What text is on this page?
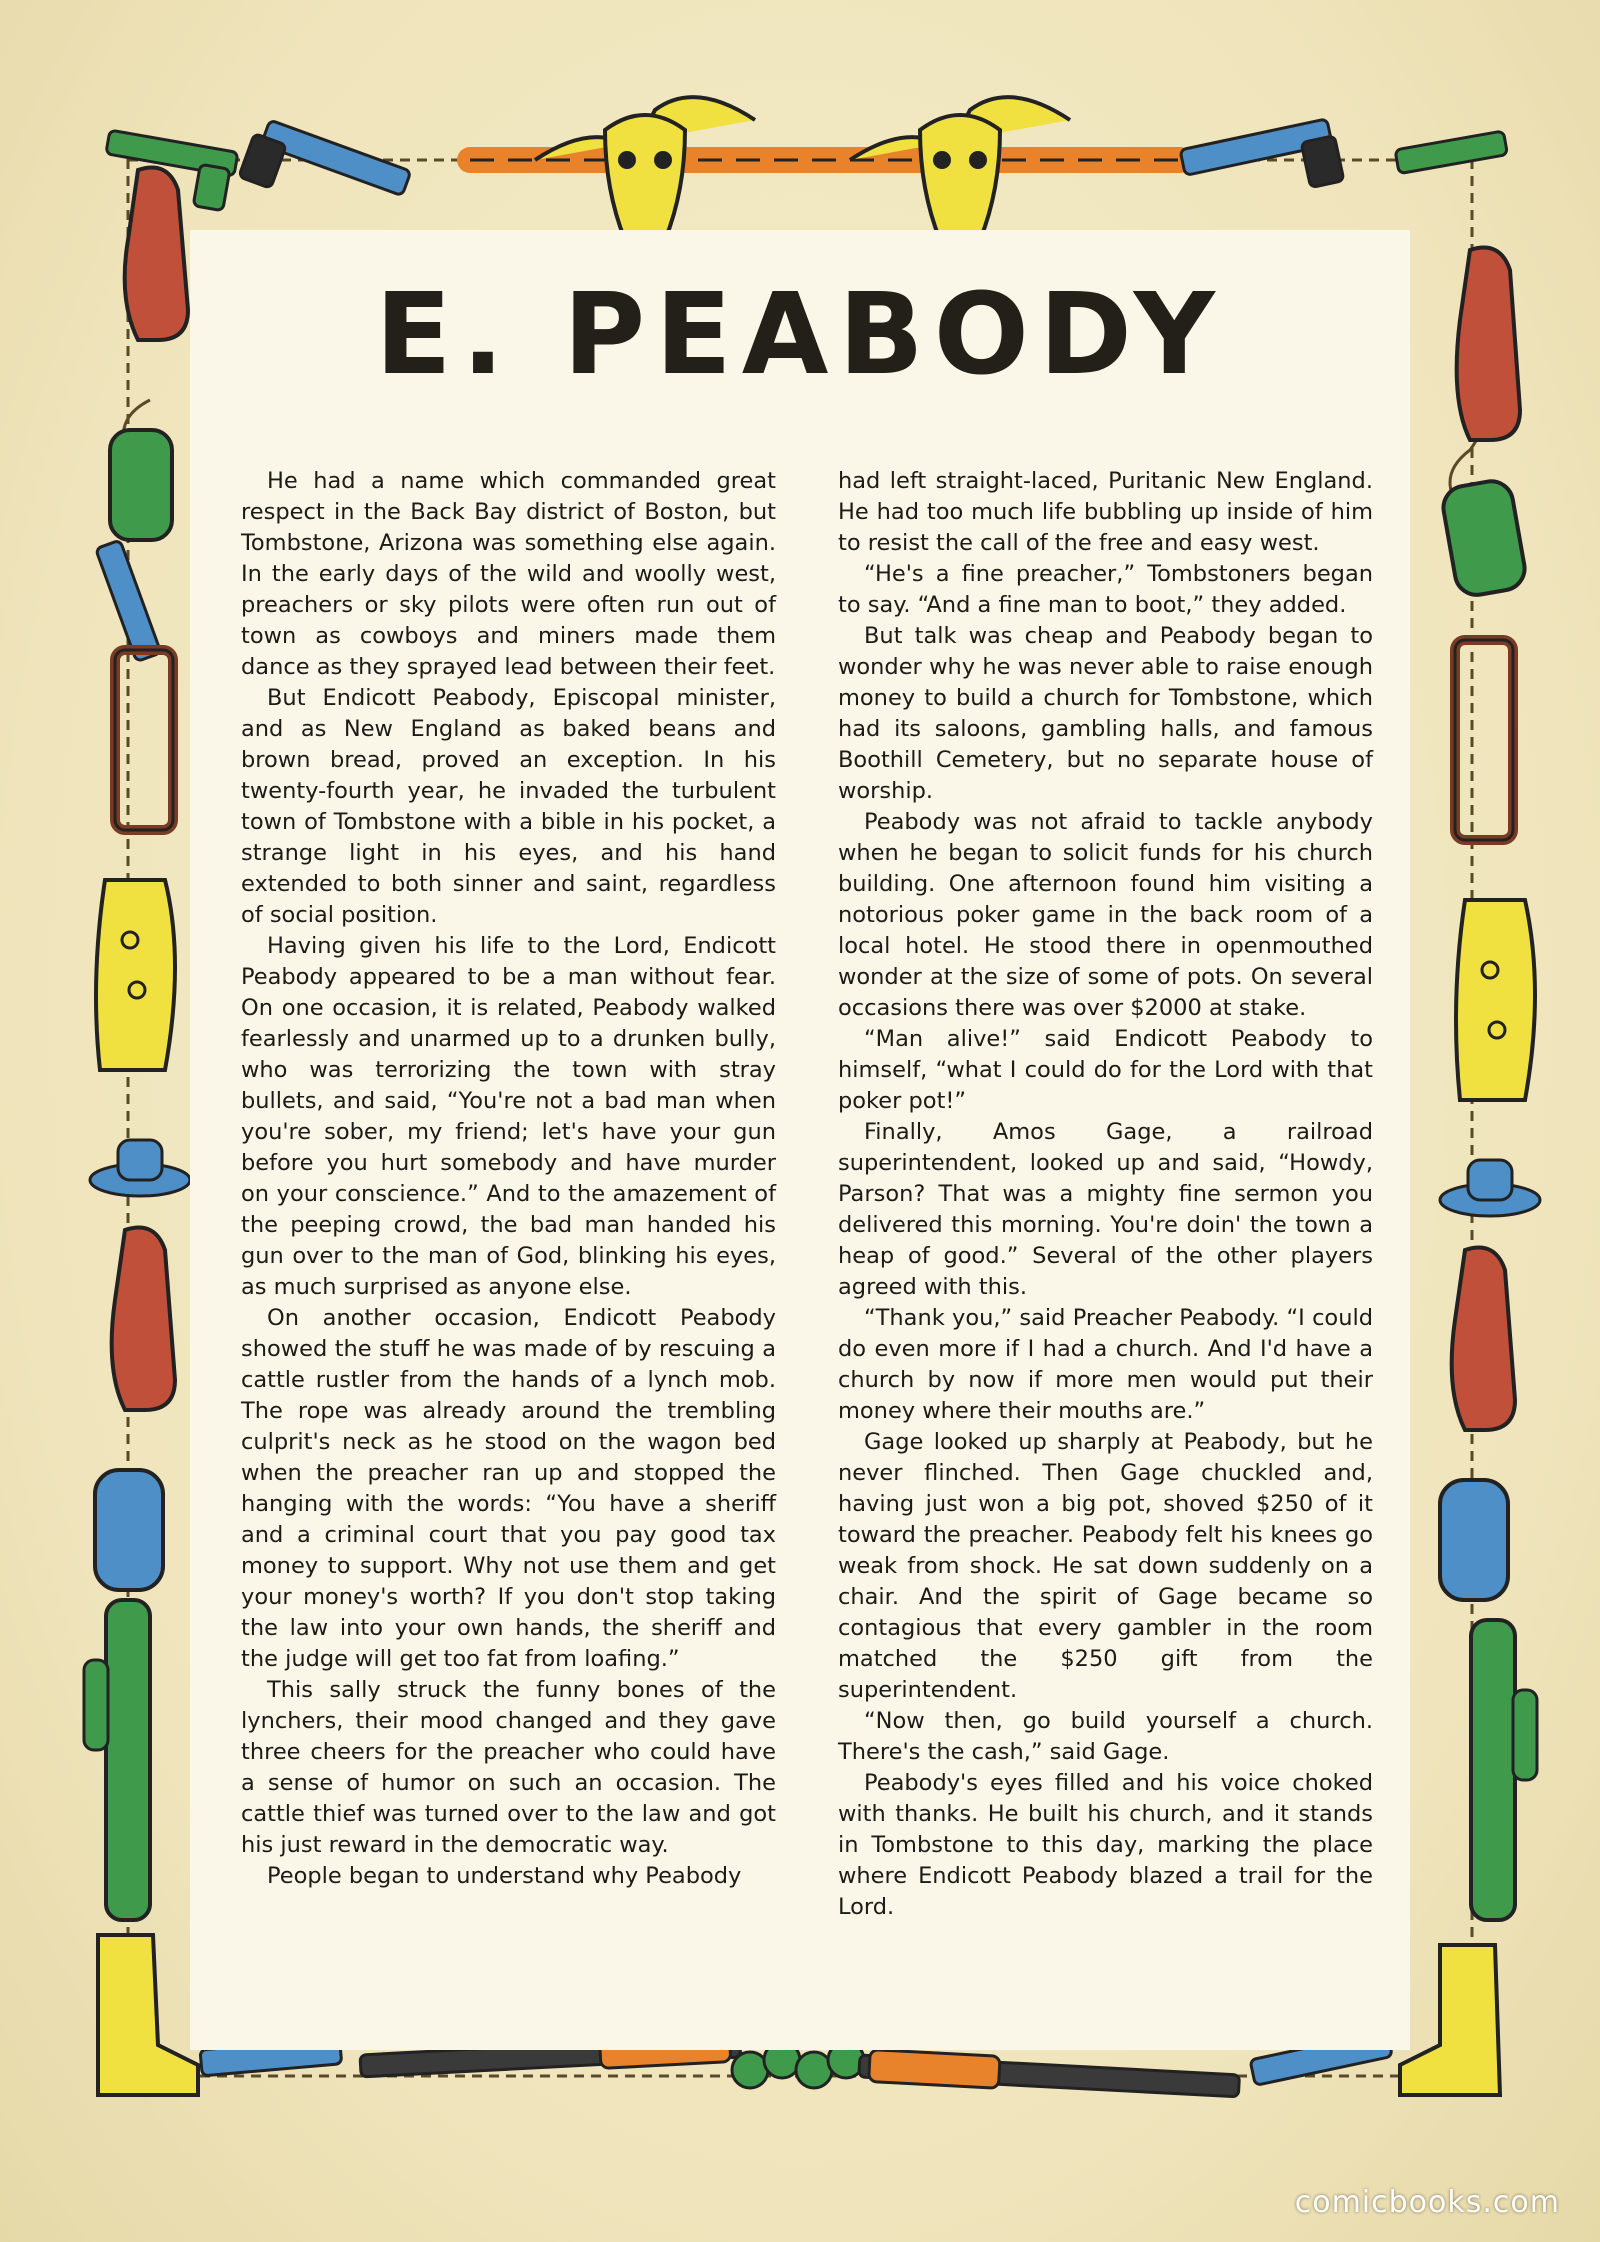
E. PEABODY

He had a name which commanded great respect in the Back Bay district of Boston, but Tombstone, Arizona was something else again. In the early days of the wild and woolly west, preachers or sky pilots were often run out of town as cowboys and miners made them dance as they sprayed lead between their feet.

But Endicott Peabody, Episcopal minister, and as New England as baked beans and brown bread, proved an exception. In his twenty-fourth year, he invaded the turbulent town of Tombstone with a bible in his pocket, a strange light in his eyes, and his hand extended to both sinner and saint, regardless of social position.

Having given his life to the Lord, Endicott Peabody appeared to be a man without fear. On one occasion, it is related, Peabody walked fearlessly and unarmed up to a drunken bully, who was terrorizing the town with stray bullets, and said, “You're not a bad man when you're sober, my friend; let's have your gun before you hurt somebody and have murder on your conscience.” And to the amazement of the peeping crowd, the bad man handed his gun over to the man of God, blinking his eyes, as much surprised as anyone else.

On another occasion, Endicott Peabody showed the stuff he was made of by rescuing a cattle rustler from the hands of a lynch mob. The rope was already around the trembling culprit's neck as he stood on the wagon bed when the preacher ran up and stopped the hanging with the words: “You have a sheriff and a criminal court that you pay good tax money to support. Why not use them and get your money's worth? If you don't stop taking the law into your own hands, the sheriff and the judge will get too fat from loafing.”

This sally struck the funny bones of the lynchers, their mood changed and they gave three cheers for the preacher who could have a sense of humor on such an occasion. The cattle thief was turned over to the law and got his just reward in the democratic way.

People began to understand why Peabody

had left straight-laced, Puritanic New England. He had too much life bubbling up inside of him to resist the call of the free and easy west.

“He's a fine preacher,” Tombstoners began to say. “And a fine man to boot,” they added.

But talk was cheap and Peabody began to wonder why he was never able to raise enough money to build a church for Tombstone, which had its saloons, gambling halls, and famous Boothill Cemetery, but no separate house of worship.

Peabody was not afraid to tackle anybody when he began to solicit funds for his church building. One afternoon found him visiting a notorious poker game in the back room of a local hotel. He stood there in openmouthed wonder at the size of some of pots. On several occasions there was over $2000 at stake.

“Man alive!” said Endicott Peabody to himself, “what I could do for the Lord with that poker pot!”

Finally, Amos Gage, a railroad superintendent, looked up and said, “Howdy, Parson? That was a mighty fine sermon you delivered this morning. You're doin' the town a heap of good.” Several of the other players agreed with this.

“Thank you,” said Preacher Peabody. “I could do even more if I had a church. And I'd have a church by now if more men would put their money where their mouths are.”

Gage looked up sharply at Peabody, but he never flinched. Then Gage chuckled and, having just won a big pot, shoved $250 of it toward the preacher. Peabody felt his knees go weak from shock. He sat down suddenly on a chair. And the spirit of Gage became so contagious that every gambler in the room matched the $250 gift from the superintendent.

“Now then, go build yourself a church. There's the cash,” said Gage.

Peabody's eyes filled and his voice choked with thanks. He built his church, and it stands in Tombstone to this day, marking the place where Endicott Peabody blazed a trail for the Lord.

comicbooks.com
